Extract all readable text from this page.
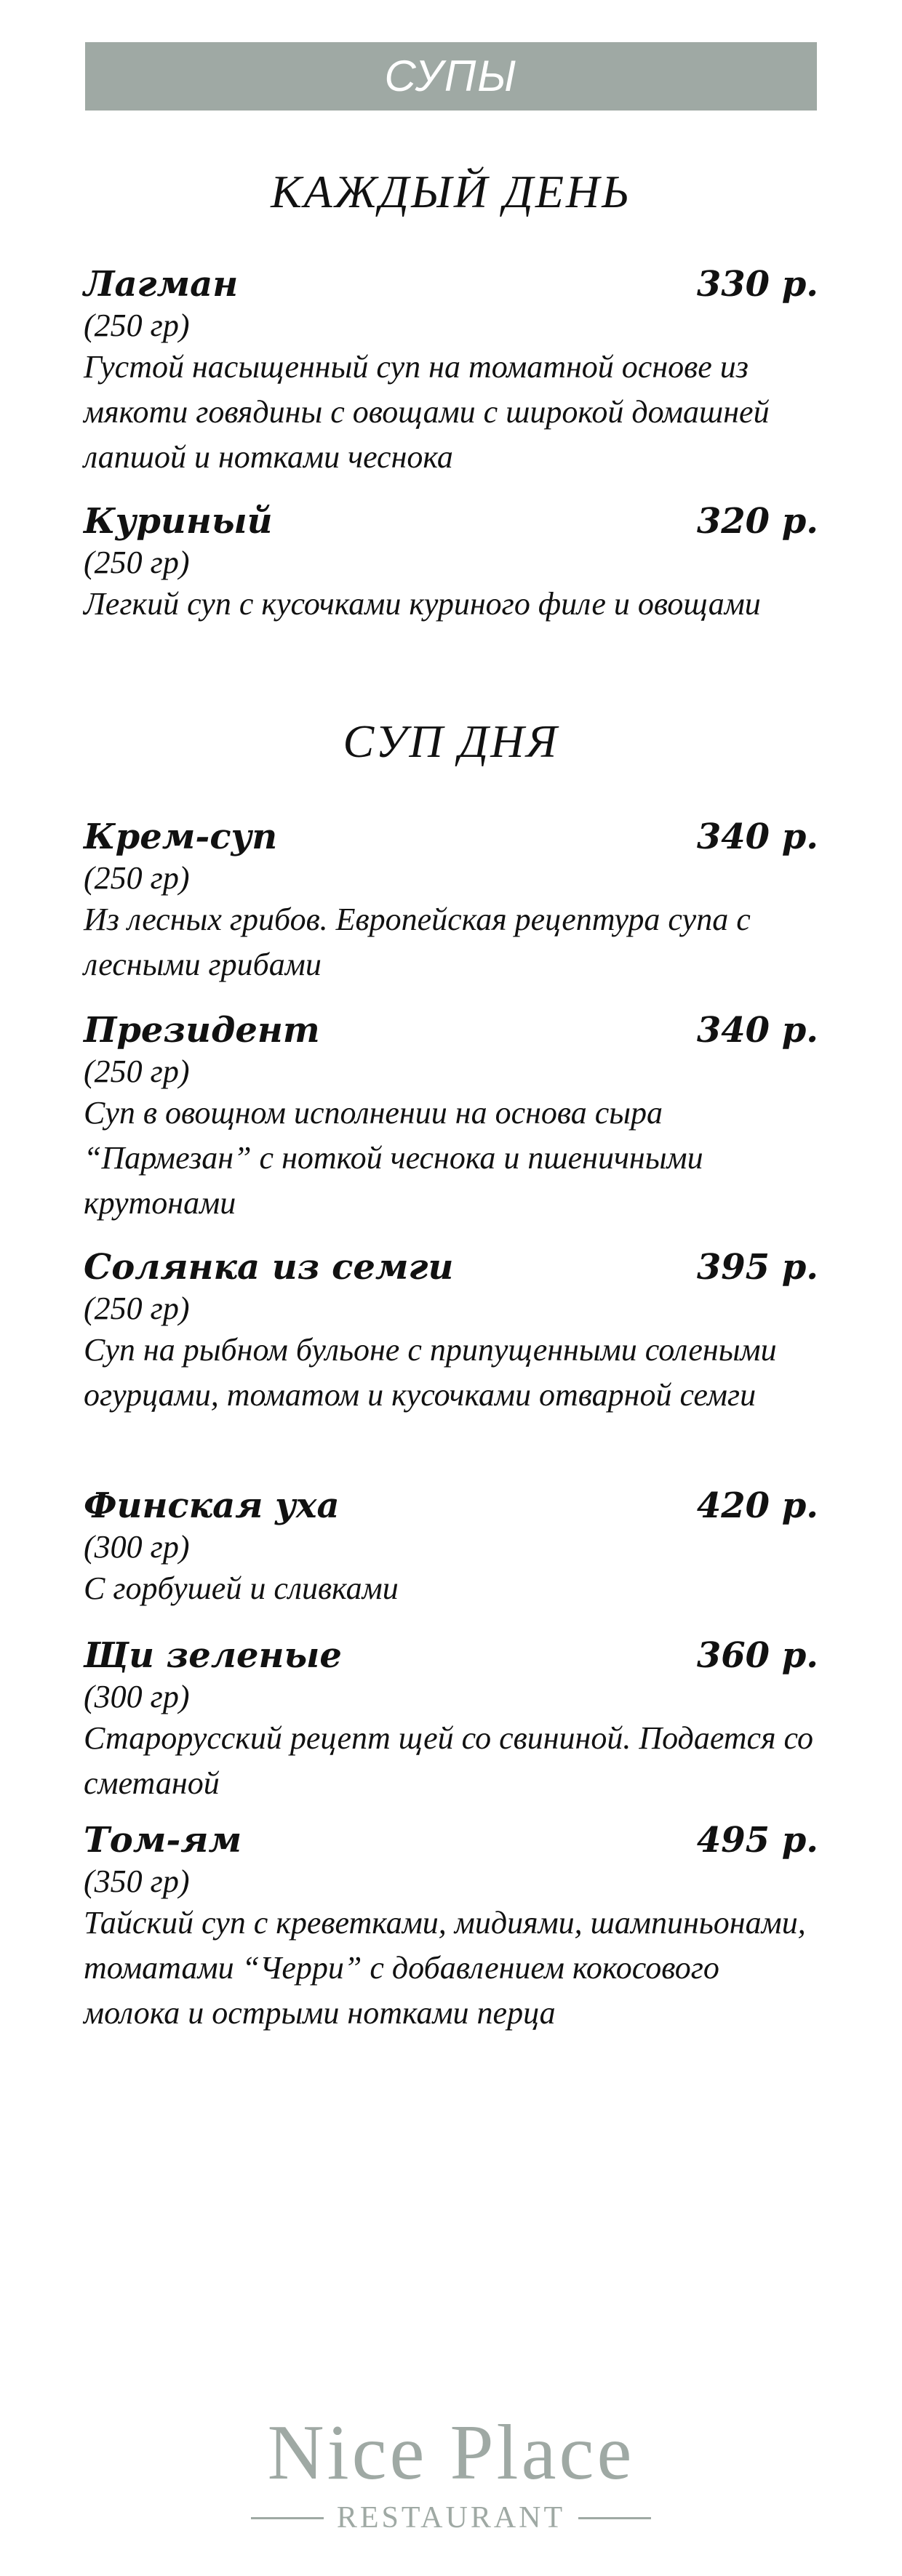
СУПЫ
КАЖДЫЙ ДЕНЬ
Лагман	330 р.
(250 гр)
Густой насыщенный суп на томатной основе из мякоти говядины с овощами с широкой домашней лапшой и нотками чеснока
Куриный	320 р.
(250 гр)
Легкий суп с кусочками куриного филе и овощами
СУП ДНЯ
Крем-суп	340 р.
(250 гр)
Из лесных грибов. Европейская рецептура супа с лесными грибами
Президент	340 р.
(250 гр)
Суп в овощном исполнении на основа сыра “Пармезан” с ноткой чеснока и пшеничными крутонами
Солянка из семги	395 р.
(250 гр)
Суп на рыбном бульоне с припущенными солеными огурцами, томатом и кусочками отварной семги
Финская уха	420 р.
(300 гр)
С горбушей и сливками
Щи зеленые	360 р.
(300 гр)
Старорусский рецепт щей со свининой. Подается со сметаной
Том-ям	495 р.
(350 гр)
Тайский суп с креветками, мидиями, шампиньонами, томатами “Черри” с добавлением кокосового молока и острыми нотками перца
Nice Place
RESTAURANT
